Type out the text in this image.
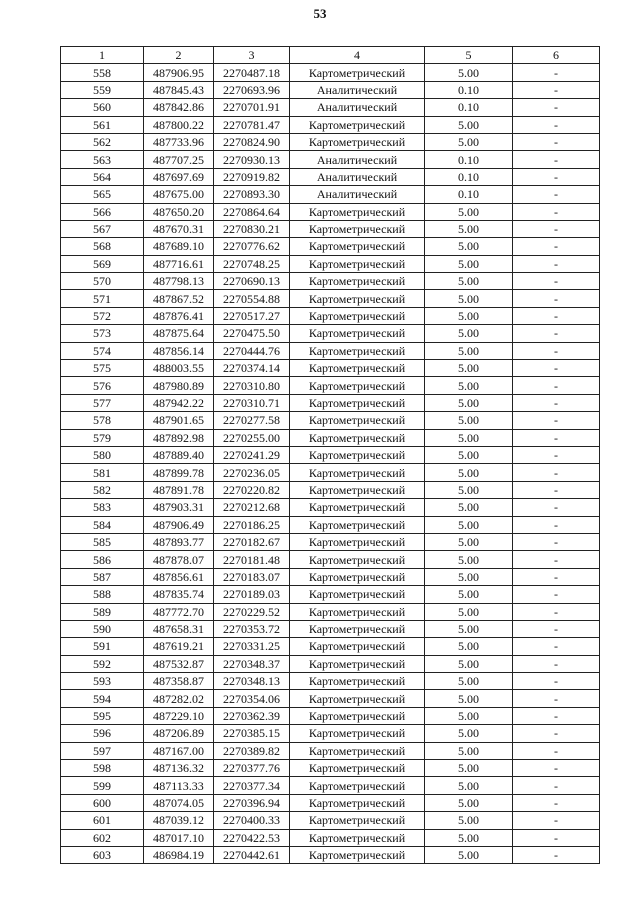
53
1	2	3	4	5	6
558	487906.95	2270487.18	Картометрический	5.00	-
559	487845.43	2270693.96	Аналитический	0.10	-
560	487842.86	2270701.91	Аналитический	0.10	-
561	487800.22	2270781.47	Картометрический	5.00	-
562	487733.96	2270824.90	Картометрический	5.00	-
563	487707.25	2270930.13	Аналитический	0.10	-
564	487697.69	2270919.82	Аналитический	0.10	-
565	487675.00	2270893.30	Аналитический	0.10	-
566	487650.20	2270864.64	Картометрический	5.00	-
567	487670.31	2270830.21	Картометрический	5.00	-
568	487689.10	2270776.62	Картометрический	5.00	-
569	487716.61	2270748.25	Картометрический	5.00	-
570	487798.13	2270690.13	Картометрический	5.00	-
571	487867.52	2270554.88	Картометрический	5.00	-
572	487876.41	2270517.27	Картометрический	5.00	-
573	487875.64	2270475.50	Картометрический	5.00	-
574	487856.14	2270444.76	Картометрический	5.00	-
575	488003.55	2270374.14	Картометрический	5.00	-
576	487980.89	2270310.80	Картометрический	5.00	-
577	487942.22	2270310.71	Картометрический	5.00	-
578	487901.65	2270277.58	Картометрический	5.00	-
579	487892.98	2270255.00	Картометрический	5.00	-
580	487889.40	2270241.29	Картометрический	5.00	-
581	487899.78	2270236.05	Картометрический	5.00	-
582	487891.78	2270220.82	Картометрический	5.00	-
583	487903.31	2270212.68	Картометрический	5.00	-
584	487906.49	2270186.25	Картометрический	5.00	-
585	487893.77	2270182.67	Картометрический	5.00	-
586	487878.07	2270181.48	Картометрический	5.00	-
587	487856.61	2270183.07	Картометрический	5.00	-
588	487835.74	2270189.03	Картометрический	5.00	-
589	487772.70	2270229.52	Картометрический	5.00	-
590	487658.31	2270353.72	Картометрический	5.00	-
591	487619.21	2270331.25	Картометрический	5.00	-
592	487532.87	2270348.37	Картометрический	5.00	-
593	487358.87	2270348.13	Картометрический	5.00	-
594	487282.02	2270354.06	Картометрический	5.00	-
595	487229.10	2270362.39	Картометрический	5.00	-
596	487206.89	2270385.15	Картометрический	5.00	-
597	487167.00	2270389.82	Картометрический	5.00	-
598	487136.32	2270377.76	Картометрический	5.00	-
599	487113.33	2270377.34	Картометрический	5.00	-
600	487074.05	2270396.94	Картометрический	5.00	-
601	487039.12	2270400.33	Картометрический	5.00	-
602	487017.10	2270422.53	Картометрический	5.00	-
603	486984.19	2270442.61	Картометрический	5.00	-
